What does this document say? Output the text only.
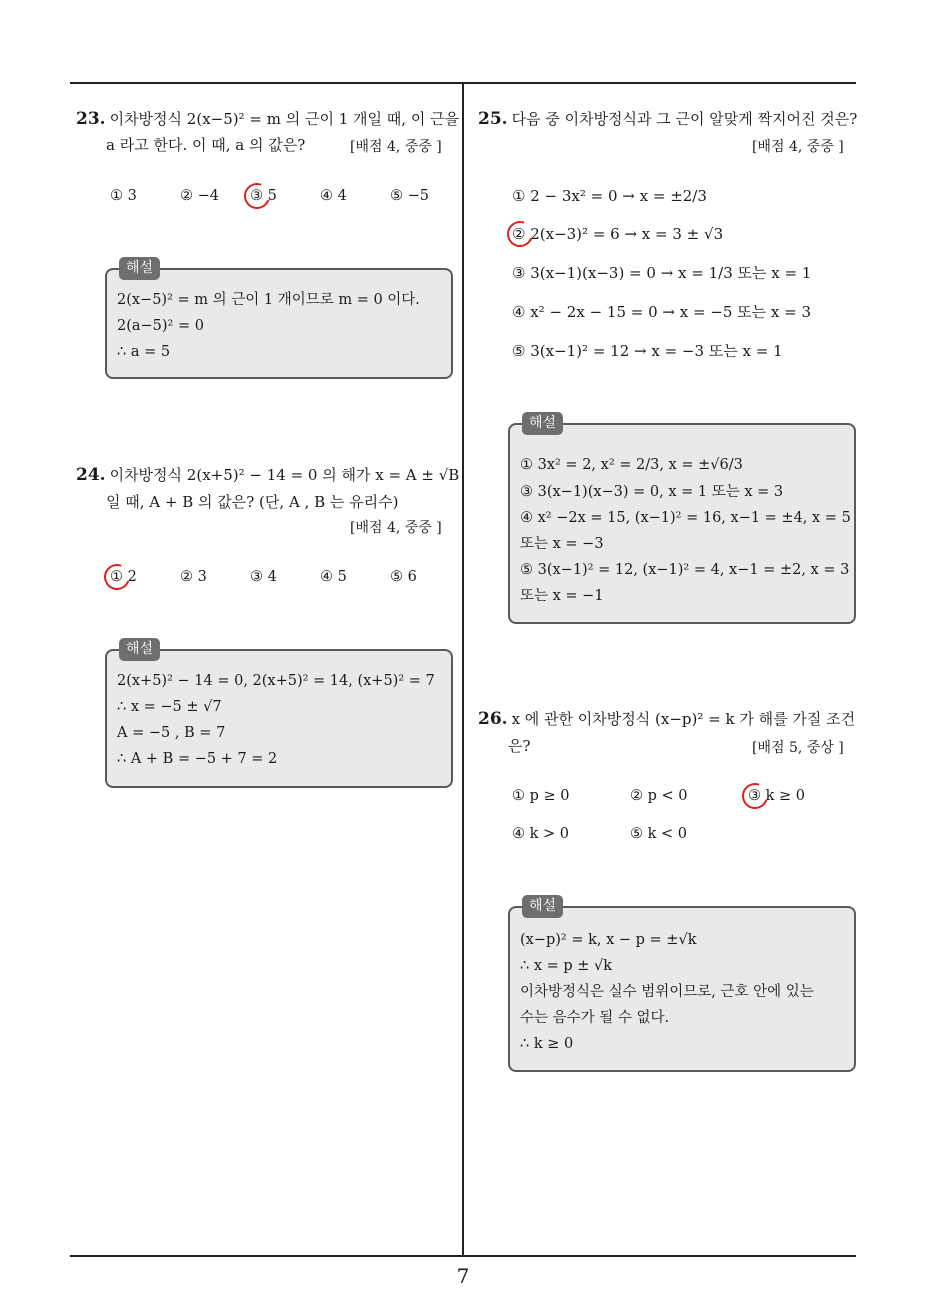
7
23. 이차방정식 2(x−5)² = m 의 근이 1 개일 때, 이 근을
a 라고 한다. 이 때, a 의 값은?	[배점 4, 중중 ]
① 3	② −4 ③ 5	④ 4	⑤ −5
해설
2(x−5)² = m 의 근이 1 개이므로 m = 0 이다.
2(a−5)² = 0
∴ a = 5
24. 이차방정식 2(x+5)² − 14 = 0 의 해가 x = A ± √B
일 때, A + B 의 값은? (단, A , B 는 유리수)
[배점 4, 중중 ]
① 2	② 3	③ 4	④ 5	⑤ 6
해설
2(x+5)² − 14 = 0, 2(x+5)² = 14, (x+5)² = 7
∴ x = −5 ± √7
A = −5 , B = 7
∴ A + B = −5 + 7 = 2
25. 다음 중 이차방정식과 그 근이 알맞게 짝지어진 것은?
[배점 4, 중중 ]
① 2 − 3x² = 0 → x = ±2/3
② 2(x−3)² = 6 → x = 3 ± √3
③ 3(x−1)(x−3) = 0 → x = 1/3 또는 x = 1
④ x² − 2x − 15 = 0 → x = −5 또는 x = 3
⑤ 3(x−1)² = 12 → x = −3 또는 x = 1
해설
① 3x² = 2, x² = 2/3, x = ±√6/3
③ 3(x−1)(x−3) = 0, x = 1 또는 x = 3
④ x² −2x = 15, (x−1)² = 16, x−1 = ±4, x = 5
또는 x = −3
⑤ 3(x−1)² = 12, (x−1)² = 4, x−1 = ±2, x = 3
또는 x = −1
26. x 에 관한 이차방정식 (x−p)² = k 가 해를 가질 조건
은?	[배점 5, 중상 ]
① p ≥ 0	② p < 0	③ k ≥ 0
④ k > 0	⑤ k < 0
해설
(x−p)² = k, x − p = ±√k
∴ x = p ± √k
이차방정식은 실수 범위이므로, 근호 안에 있는
수는 음수가 될 수 없다.
∴ k ≥ 0
